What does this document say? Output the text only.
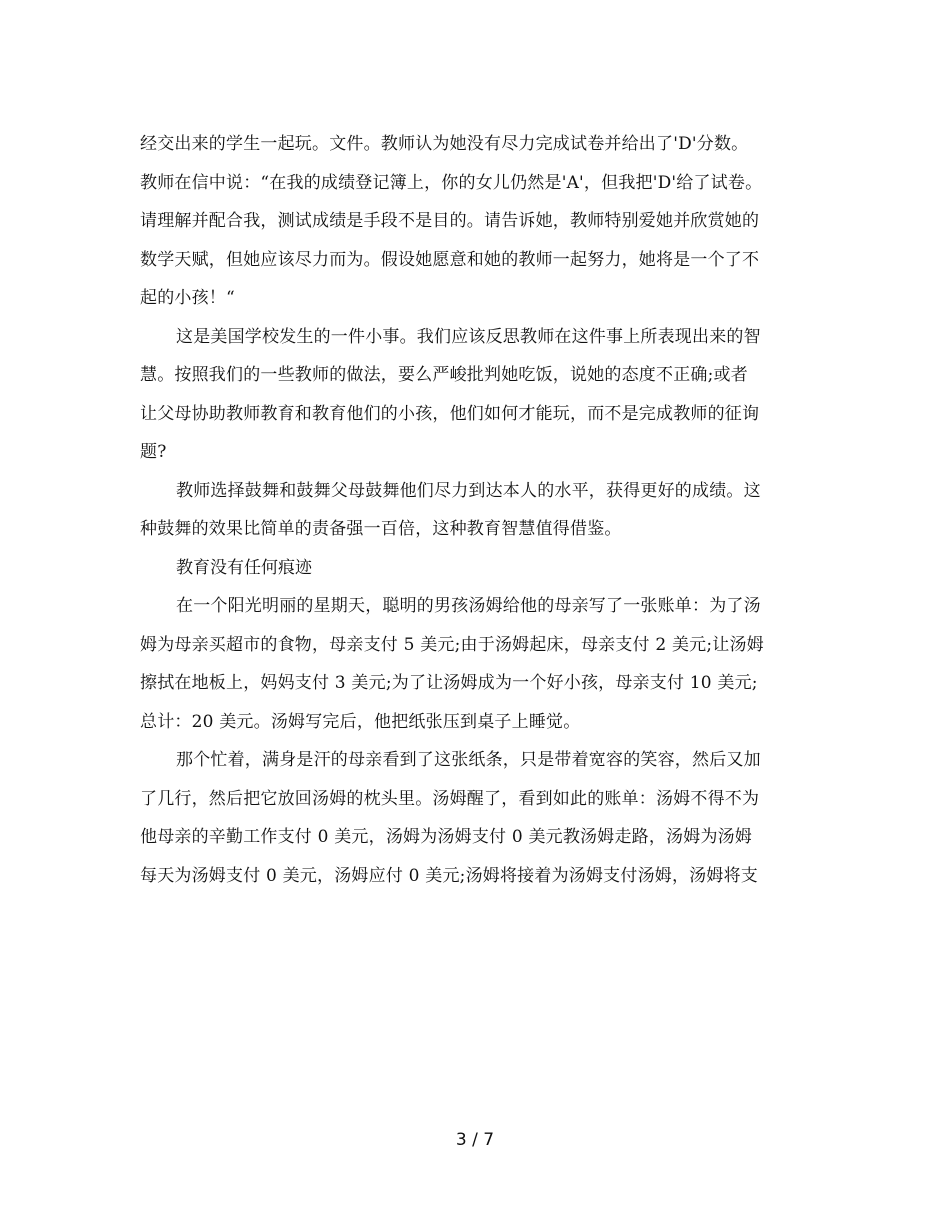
经交出来的学生一起玩。文件。教师认为她没有尽力完成试卷并给出了'D'分数。
教师在信中说：“在我的成绩登记簿上，你的女儿仍然是'A'，但我把'D'给了试卷。
请理解并配合我，测试成绩是手段不是目的。请告诉她，教师特别爱她并欣赏她的
数学天赋，但她应该尽力而为。假设她愿意和她的教师一起努力，她将是一个了不
起的小孩！“

这是美国学校发生的一件小事。我们应该反思教师在这件事上所表现出来的智
慧。按照我们的一些教师的做法，要么严峻批判她吃饭，说她的态度不正确;或者
让父母协助教师教育和教育他们的小孩，他们如何才能玩，而不是完成教师的征询
题?

教师选择鼓舞和鼓舞父母鼓舞他们尽力到达本人的水平，获得更好的成绩。这
种鼓舞的效果比简单的责备强一百倍，这种教育智慧值得借鉴。

教育没有任何痕迹

在一个阳光明丽的星期天，聪明的男孩汤姆给他的母亲写了一张账单：为了汤
姆为母亲买超市的食物，母亲支付 5 美元;由于汤姆起床，母亲支付 2 美元;让汤姆
擦拭在地板上，妈妈支付 3 美元;为了让汤姆成为一个好小孩，母亲支付 10 美元;
总计：20 美元。汤姆写完后，他把纸张压到桌子上睡觉。

那个忙着，满身是汗的母亲看到了这张纸条，只是带着宽容的笑容，然后又加
了几行，然后把它放回汤姆的枕头里。汤姆醒了，看到如此的账单：汤姆不得不为
他母亲的辛勤工作支付 0 美元，汤姆为汤姆支付 0 美元教汤姆走路，汤姆为汤姆
每天为汤姆支付 0 美元，汤姆应付 0 美元;汤姆将接着为汤姆支付汤姆，汤姆将支

3 / 7
